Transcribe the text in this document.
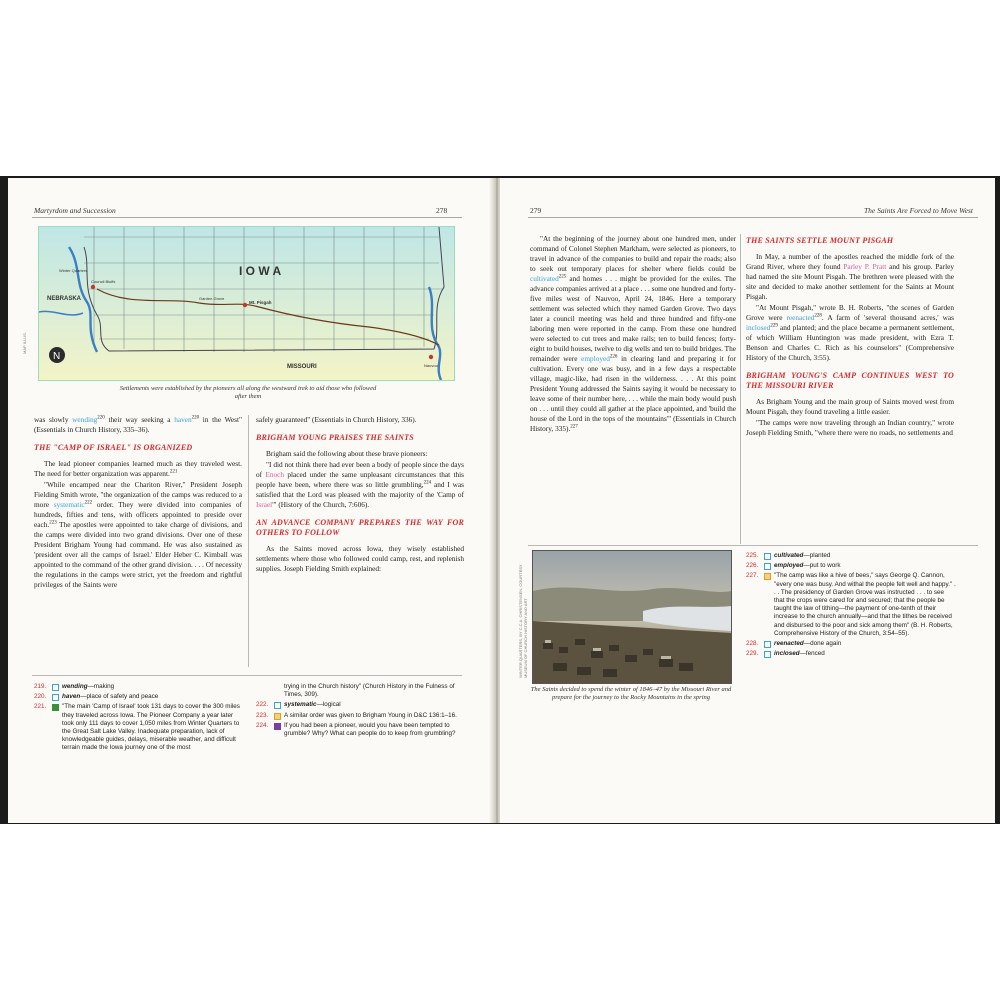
Martyrdom and Succession	278
I O W A
NEBRASKA
MISSOURI
Winter Quarters
Council Bluffs
Garden Grove
Mt. Pisgah
Nauvoo
N
MAP ILLUS.
Settlements were established by the pioneers all along the westward trek to aid those who followed after them

was slowly wending$^{220}$ their way seeking a haven$^{220}$ in the West" (Essentials in Church History, 335–36).

THE "CAMP OF ISRAEL" IS ORGANIZED

The lead pioneer companies learned much as they traveled west. The need for better organization was apparent.$^{221}$

"While encamped near the Chariton River," President Joseph Fielding Smith wrote, "the organization of the camps was reduced to a more systematic$^{222}$ order. They were divided into companies of hundreds, fifties and tens, with officers appointed to preside over each.$^{223}$ The apostles were appointed to take charge of divisions, and the camps were divided into two grand divisions. Over one of these President Brigham Young had command. He was also sustained as 'president over all the camps of Israel.' Elder Heber C. Kimball was appointed to the command of the other grand division. . . . Of necessity the regulations in the camps were strict, yet the freedom and rightful privileges of the Saints were

safely guaranteed" (Essentials in Church History, 336).

BRIGHAM YOUNG PRAISES THE SAINTS

Brigham said the following about these brave pioneers:

"I did not think there had ever been a body of people since the days of Enoch placed under the same unpleasant circumstances that this people have been, where there was so little grumbling,$^{224}$ and I was satisfied that the Lord was pleased with the majority of the 'Camp of Israel'" (History of the Church, 7:606).

AN ADVANCE COMPANY PREPARES THE WAY FOR OTHERS TO FOLLOW

As the Saints moved across Iowa, they wisely established settlements where those who followed could camp, rest, and replenish supplies. Joseph Fielding Smith explained:

219.	wending—making
220.	haven—place of safety and peace
221.	"The main 'Camp of Israel' took 131 days to cover the 300 miles they traveled across Iowa. The Pioneer Company a year later took only 111 days to cover 1,050 miles from Winter Quarters to the Great Salt Lake Valley. Inadequate preparation, lack of knowledgeable guides, delays, miserable weather, and difficult terrain made the Iowa journey one of the most
trying in the Church history" (Church History in the Fulness of Times, 309).
222.	systematic—logical
223.	A similar order was given to Brigham Young in D&C 136:1–16.
224.	If you had been a pioneer, would you have been tempted to grumble? Why? What can people do to keep from grumbling?
279	The Saints Are Forced to Move West

"At the beginning of the journey about one hundred men, under command of Colonel Stephen Markham, were selected as pioneers, to travel in advance of the companies to build and repair the roads; also to seek out temporary places for shelter where fields could be cultivated$^{225}$ and homes . . . might be provided for the exiles. The advance companies arrived at a place . . . some one hundred and forty-five miles west of Nauvoo, April 24, 1846. Here a temporary settlement was selected which they named Garden Grove. Two days later a council meeting was held and three hundred and fifty-one laboring men were reported in the camp. From these one hundred were selected to cut trees and make rails; ten to build fences; forty-eight to build houses, twelve to dig wells and ten to build bridges. The remainder were employed$^{226}$ in clearing land and preparing it for cultivation. Every one was busy, and in a few days a respectable village, magic-like, had risen in the wilderness. . . . At this point President Young addressed the Saints saying it would be necessary to leave some of their number here, . . . while the main body would push on . . . until they could all gather at the place appointed, and 'build the house of the Lord in the tops of the mountains'" (Essentials in Church History, 335).$^{227}$

THE SAINTS SETTLE MOUNT PISGAH

In May, a number of the apostles reached the middle fork of the Grand River, where they found Parley P. Pratt and his group. Parley had named the site Mount Pisgah. The brethren were pleased with the site and decided to make another settlement for the Saints at Mount Pisgah.

"At Mount Pisgah," wrote B. H. Roberts, "the scenes of Garden Grove were reenacted$^{228}$. A farm of 'several thousand acres,' was inclosed$^{229}$ and planted; and the place became a permanent settlement, of which William Huntington was made president, with Ezra T. Benson and Charles C. Rich as his counselors" (Comprehensive History of the Church, 3:55).

BRIGHAM YOUNG'S CAMP CONTINUES WEST TO THE MISSOURI RIVER

As Brigham Young and the main group of Saints moved west from Mount Pisgah, they found traveling a little easier.

"The camps were now traveling through an Indian country," wrote Joseph Fielding Smith, "where there were no roads, no settlements and

WINTER QUARTERS, BY C.C.A. CHRISTENSEN. COURTESY MUSEUM OF CHURCH HISTORY AND ART
The Saints decided to spend the winter of 1846–47 by the Missouri River and prepare for the journey to the Rocky Mountains in the spring
225.	cultivated—planted
226.	employed—put to work
227.	"The camp was like a hive of bees," says George Q. Cannon, "every one was busy. And withal the people felt well and happy." . . . The presidency of Garden Grove was instructed . . . to see that the crops were cared for and secured; that the people be taught the law of tithing—the payment of one-tenth of their increase to the church annually—and that the tithes be received and disbursed to the poor and sick among them" (B. H. Roberts, Comprehensive History of the Church, 3:54–55).
228.	reenacted—done again
229.	inclosed—fenced
